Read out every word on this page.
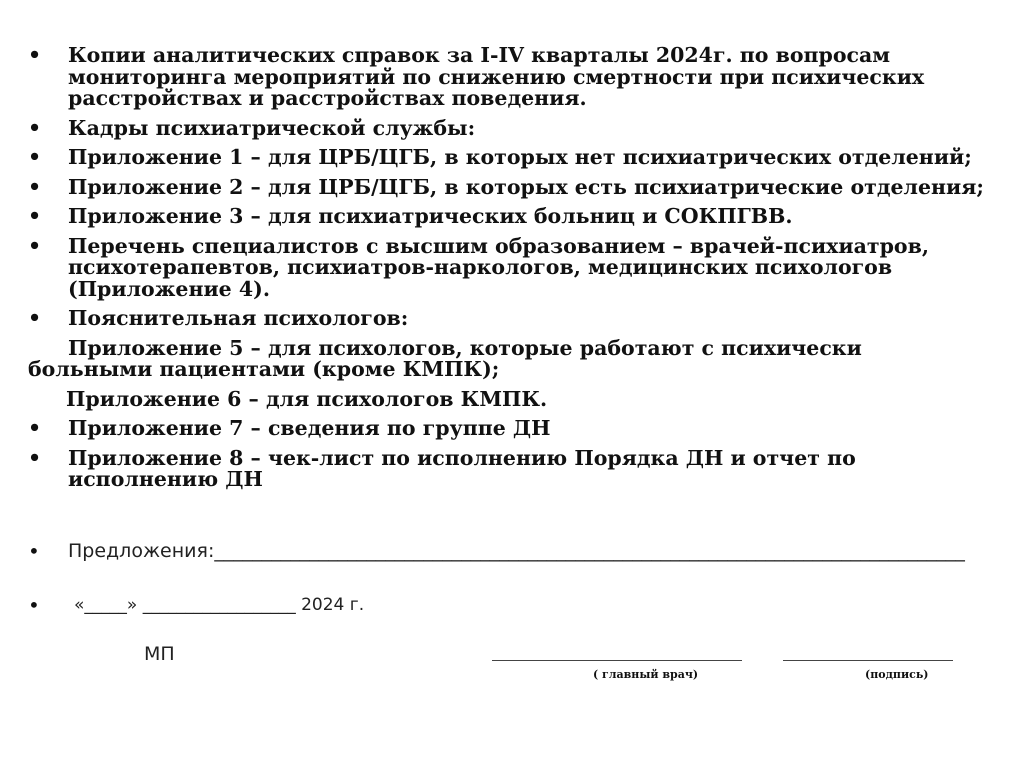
•	Копии аналитических справок за I-IV кварталы 2024г. по вопросам мониторинга мероприятий по снижению смертности при психических расстройствах и расстройствах поведения.
•	Кадры психиатрической службы:
•	Приложение 1 – для ЦРБ/ЦГБ, в которых нет психиатрических отделений;
•	Приложение 2 – для ЦРБ/ЦГБ, в которых есть психиатрические отделения;
•	Приложение 3 – для психиатрических больниц и СОКПГВВ.
•	Перечень специалистов с высшим образованием – врачей-психиатров, психотерапевтов, психиатров-наркологов, медицинских психологов (Приложение 4).
•	Пояснительная психологов:
Приложение 5 – для психологов, которые работают с психически больными пациентами (кроме КМПК);
Приложение 6 – для психологов КМПК.
•	Приложение 7 – сведения по группе ДН
•	Приложение 8 – чек-лист по исполнению Порядка ДН и отчет по исполнению ДН
• Предложения:_______________________________________________________________________________
• «_____» __________________ 2024 г.
МП
( главный врач)	(подпись)
